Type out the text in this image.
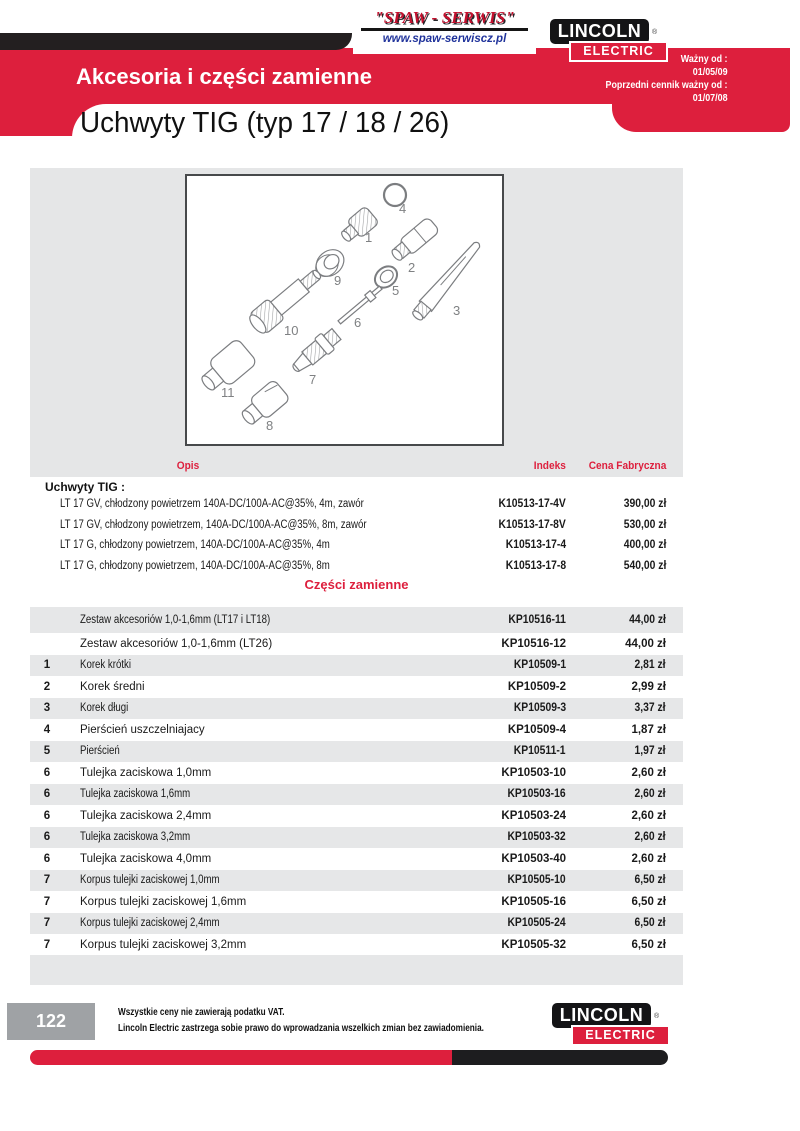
Akcesoria i części zamienne
Uchwyty TIG (typ 17 / 18 / 26)
Ważny od :
01/05/09
Poprzedni cennik ważny od :
01/07/08
"SPAW - SERWIS"
www.spaw-serwiscz.pl	LINCOLN	®
ELECTRIC
1
2
3
4
5
6
7
8
9
10
11
Opis	Indeks Cena Fabryczna
Uchwyty TIG :
LT 17 GV, chłodzony powietrzem 140A-DC/100A-AC@35%, 4m, zawór	K10513-17-4V	390,00 zł
LT 17 GV, chłodzony powietrzem, 140A-DC/100A-AC@35%, 8m, zawór	K10513-17-8V	530,00 zł
LT 17 G, chłodzony powietrzem, 140A-DC/100A-AC@35%, 4m	K10513-17-4	400,00 zł
LT 17 G, chłodzony powietrzem, 140A-DC/100A-AC@35%, 8m	K10513-17-8	540,00 zł
Części zamienne
Zestaw akcesoriów 1,0-1,6mm (LT17 i LT18)	KP10516-11	44,00 zł
Zestaw akcesoriów 1,0-1,6mm (LT26)	KP10516-12	44,00 zł
1	Korek krótki	KP10509-1	2,81 zł
2	Korek średni	KP10509-2	2,99 zł
3	Korek długi	KP10509-3	3,37 zł
4	Pierścień uszczelniajacy	KP10509-4	1,87 zł
5	Pierścień	KP10511-1	1,97 zł
6	Tulejka zaciskowa 1,0mm	KP10503-10	2,60 zł
6	Tulejka zaciskowa 1,6mm	KP10503-16	2,60 zł
6	Tulejka zaciskowa 2,4mm	KP10503-24	2,60 zł
6	Tulejka zaciskowa 3,2mm	KP10503-32	2,60 zł
6	Tulejka zaciskowa 4,0mm	KP10503-40	2,60 zł
7	Korpus tulejki zaciskowej 1,0mm	KP10505-10	6,50 zł
7	Korpus tulejki zaciskowej 1,6mm	KP10505-16	6,50 zł
7	Korpus tulejki zaciskowej 2,4mm	KP10505-24	6,50 zł
7	Korpus tulejki zaciskowej 3,2mm	KP10505-32	6,50 zł
122	Wszystkie ceny nie zawierają podatku VAT.
Lincoln Electric zastrzega sobie prawo do wprowadzania wszelkich zmian bez zawiadomienia.
LINCOLN	®
ELECTRIC
